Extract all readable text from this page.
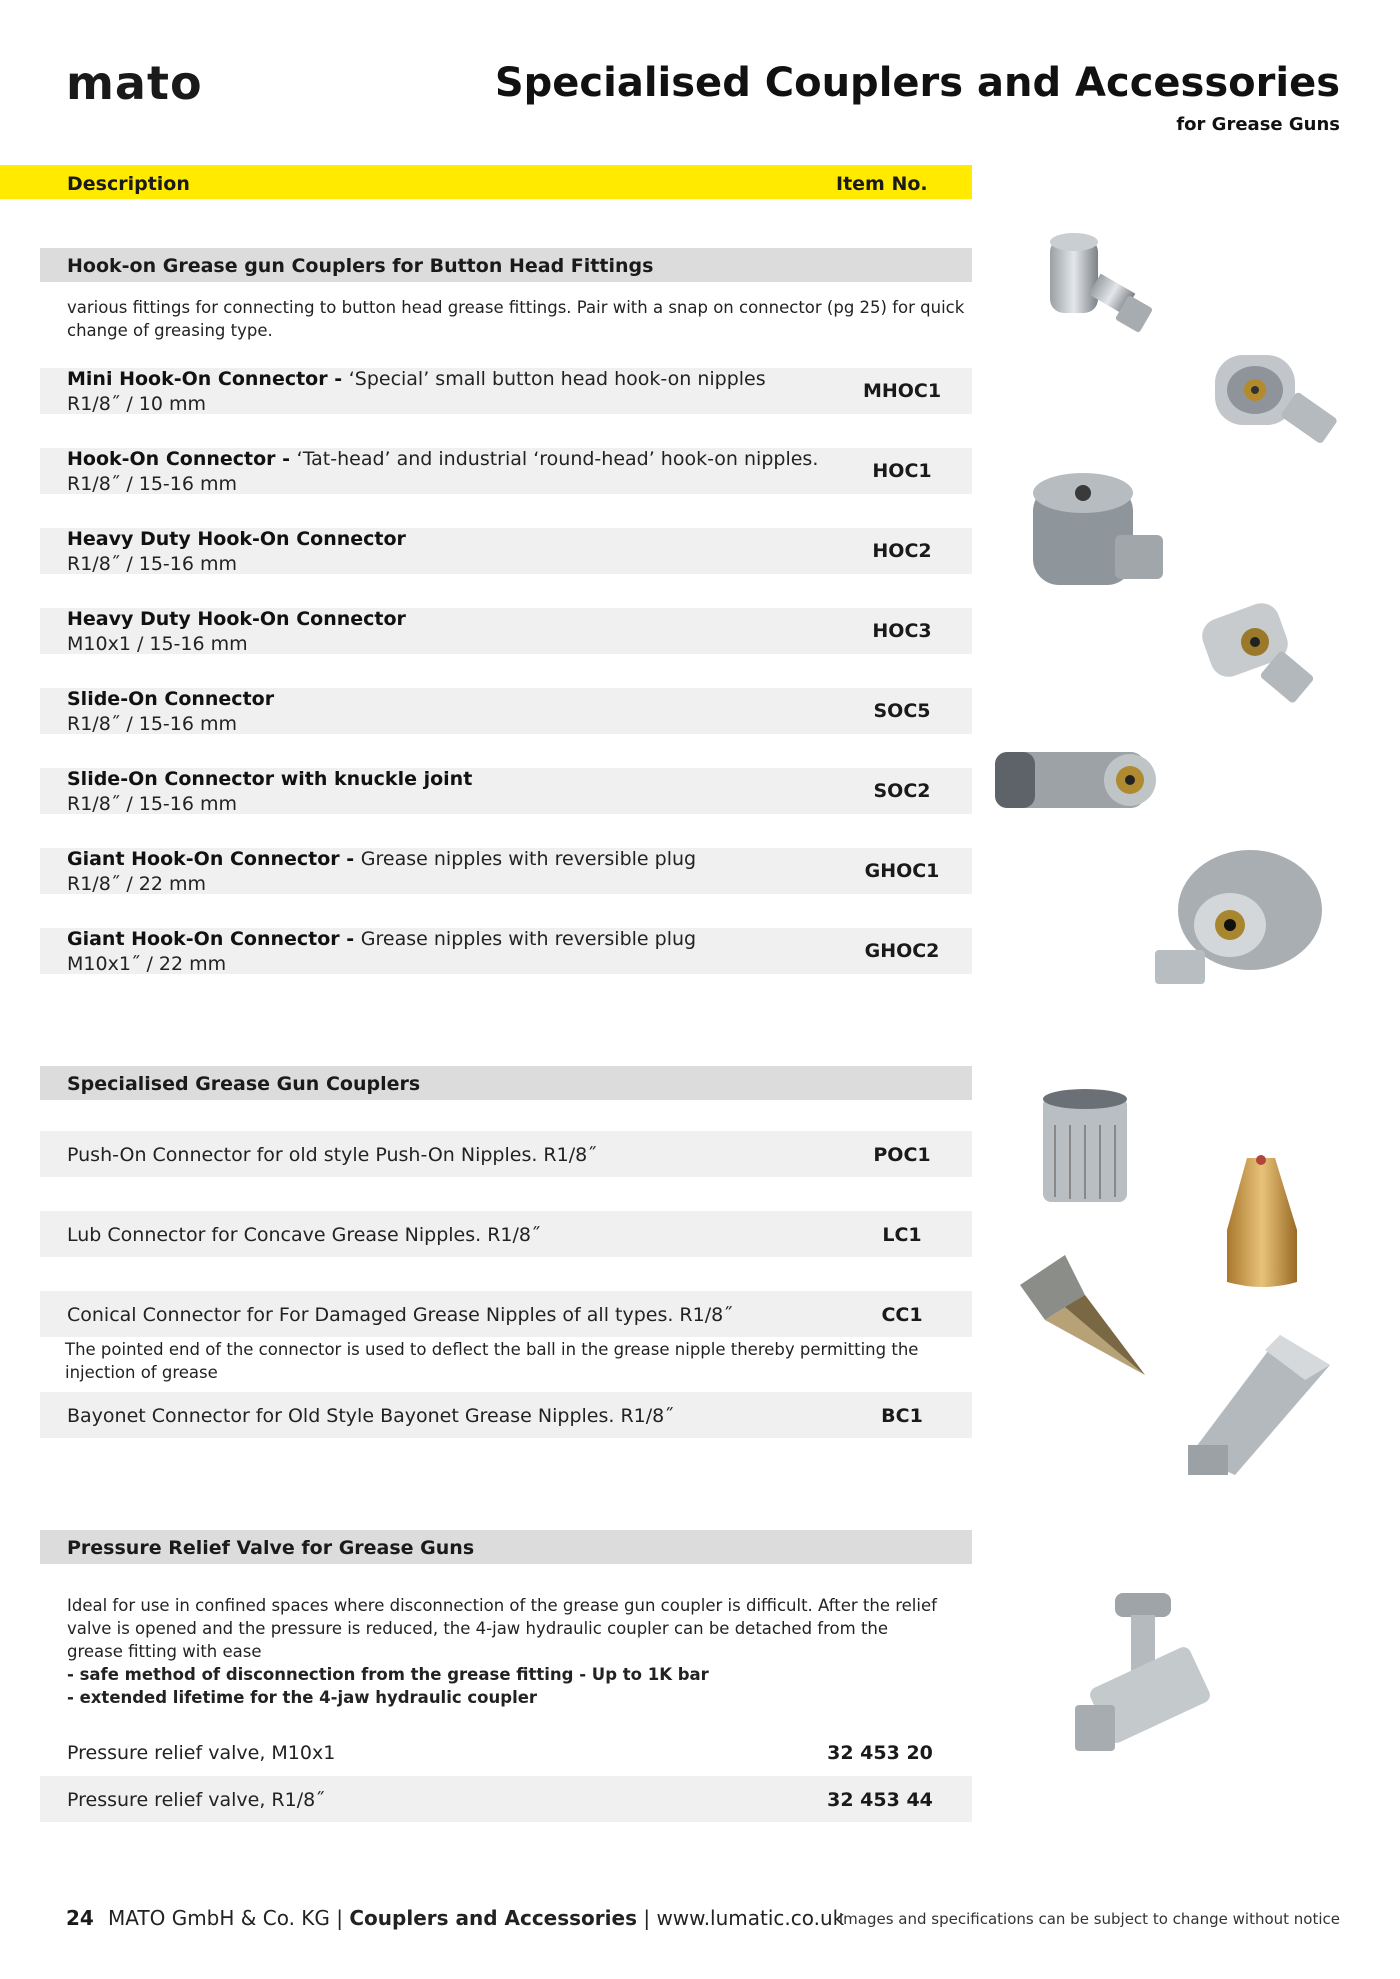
mato	Specialised Couplers and Accessories
for Grease Guns
Description	Item No.
Hook-on Grease gun Couplers for Button Head Fittings
various fittings for connecting to button head grease fittings. Pair with a snap on connector (pg 25) for quick change of greasing type.
Mini Hook-On Connector - ‘Special’ small button head hook-on nipples
R1/8˝ / 10 mm
MHOC1
Hook-On Connector - ‘Tat-head’ and industrial ‘round-head’ hook-on nipples.
R1/8˝ / 15-16 mm
HOC1
Heavy Duty Hook-On Connector
R1/8˝ / 15-16 mm
HOC2
Heavy Duty Hook-On Connector
M10x1 / 15-16 mm
HOC3
Slide-On Connector
R1/8˝ / 15-16 mm
SOC5
Slide-On Connector with knuckle joint
R1/8˝ / 15-16 mm
SOC2
Giant Hook-On Connector - Grease nipples with reversible plug
R1/8˝ / 22 mm
GHOC1
Giant Hook-On Connector - Grease nipples with reversible plug
M10x1˝ / 22 mm
GHOC2
Specialised Grease Gun Couplers
Push-On Connector for old style Push-On Nipples. R1/8˝	POC1
Lub Connector for Concave Grease Nipples. R1/8˝	LC1
Conical Connector for For Damaged Grease Nipples of all types. R1/8˝	CC1
The pointed end of the connector is used to deflect the ball in the grease nipple thereby permitting the injection of grease
Bayonet Connector for Old Style Bayonet Grease Nipples. R1/8˝	BC1
Pressure Relief Valve for Grease Guns
Ideal for use in confined spaces where disconnection of the grease gun coupler is difficult. After the relief valve is opened and the pressure is reduced, the 4-jaw hydraulic coupler can be detached from the grease fitting with ease
- safe method of disconnection from the grease fitting - Up to 1K bar
- extended lifetime for the 4-jaw hydraulic coupler
Pressure relief valve, M10x1	32 453 20
Pressure relief valve, R1/8˝	32 453 44
24 MATO GmbH & Co. KG | Couplers and Accessories | www.lumatic.co.uk
Images and specifications can be subject to change without notice
